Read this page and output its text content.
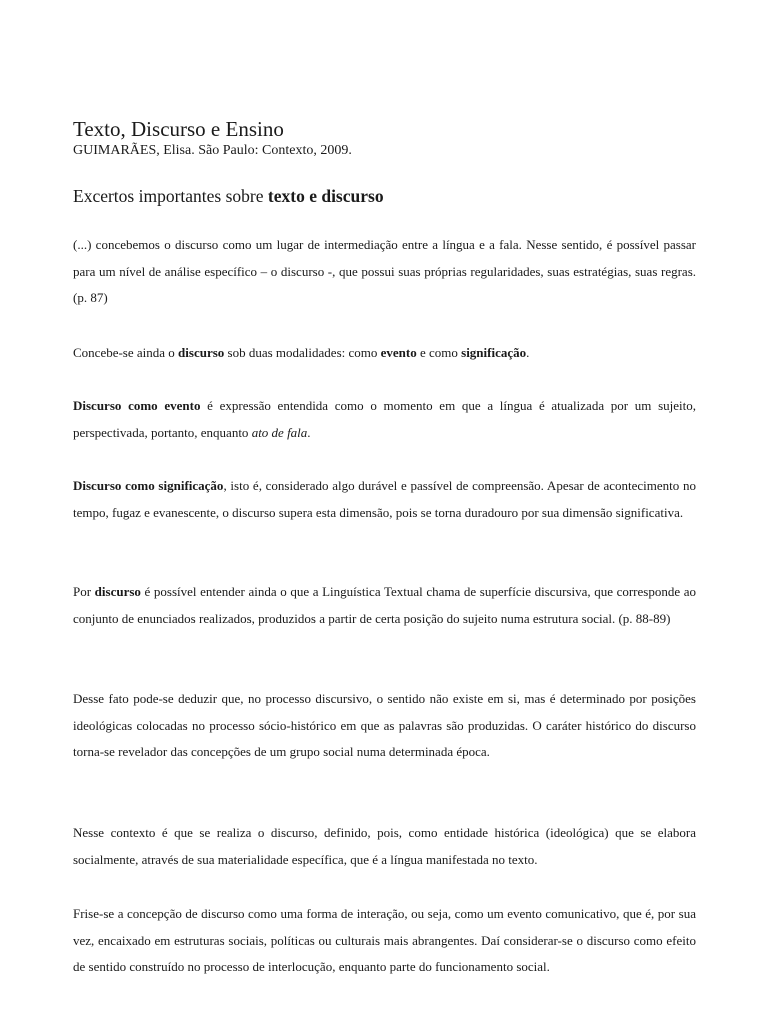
Texto, Discurso e Ensino

GUIMARÃES, Elisa. São Paulo: Contexto, 2009.

Excertos importantes sobre texto e discurso

(...) concebemos o discurso como um lugar de intermediação entre a língua e a fala. Nesse sentido, é possível passar para um nível de análise específico – o discurso -, que possui suas próprias regularidades, suas estratégias, suas regras. (p. 87)

Concebe-se ainda o discurso sob duas modalidades: como evento e como significação.

Discurso como evento é expressão entendida como o momento em que a língua é atualizada por um sujeito, perspectivada, portanto, enquanto ato de fala.

Discurso como significação, isto é, considerado algo durável e passível de compreensão. Apesar de acontecimento no tempo, fugaz e evanescente, o discurso supera esta dimensão, pois se torna duradouro por sua dimensão significativa.

Por discurso é possível entender ainda o que a Linguística Textual chama de superfície discursiva, que corresponde ao conjunto de enunciados realizados, produzidos a partir de certa posição do sujeito numa estrutura social. (p. 88-89)

Desse fato pode-se deduzir que, no processo discursivo, o sentido não existe em si, mas é determinado por posições ideológicas colocadas no processo sócio-histórico em que as palavras são produzidas. O caráter histórico do discurso torna-se revelador das concepções de um grupo social numa determinada época.

Nesse contexto é que se realiza o discurso, definido, pois, como entidade histórica (ideológica) que se elabora socialmente, através de sua materialidade específica, que é a língua manifestada no texto.

Frise-se a concepção de discurso como uma forma de interação, ou seja, como um evento comunicativo, que é, por sua vez, encaixado em estruturas sociais, políticas ou culturais mais abrangentes. Daí considerar-se o discurso como efeito de sentido construído no processo de interlocução, enquanto parte do funcionamento social.
